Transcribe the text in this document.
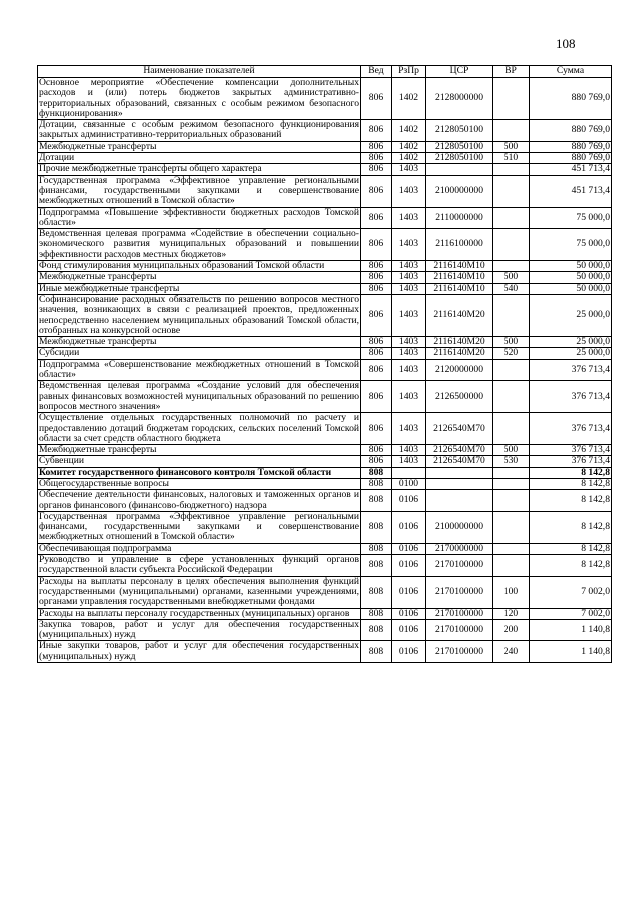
108
Наименование показателей	Вед	РзПр	ЦСР	ВР	Сумма
Основное мероприятие «Обеспечение компенсации дополнительных расходов и (или) потерь бюджетов закрытых административно-территориальных образований, связанных с особым режимом безопасного функционирования»	806	1402	2128000000		880 769,0
Дотации, связанные с особым режимом безопасного функционирования закрытых административно-территориальных образований	806	1402	2128050100		880 769,0
Межбюджетные трансферты	806	1402	2128050100	500	880 769,0
Дотации	806	1402	2128050100	510	880 769,0
Прочие межбюджетные трансферты общего характера	806	1403			451 713,4
Государственная программа «Эффективное управление региональными финансами, государственными закупками и совершенствование межбюджетных отношений в Томской области»	806	1403	2100000000		451 713,4
Подпрограмма «Повышение эффективности бюджетных расходов Томской области»	806	1403	2110000000		75 000,0
Ведомственная целевая программа «Содействие в обеспечении социально-экономического развития муниципальных образований и повышении эффективности расходов местных бюджетов»	806	1403	2116100000		75 000,0
Фонд стимулирования муниципальных образований Томской области	806	1403	2116140M10		50 000,0
Межбюджетные трансферты	806	1403	2116140M10	500	50 000,0
Иные межбюджетные трансферты	806	1403	2116140M10	540	50 000,0
Софинансирование расходных обязательств по решению вопросов местного значения, возникающих в связи с реализацией проектов, предложенных непосредственно населением муниципальных образований Томской области, отобранных на конкурсной основе	806	1403	2116140M20		25 000,0
Межбюджетные трансферты	806	1403	2116140M20	500	25 000,0
Субсидии	806	1403	2116140M20	520	25 000,0
Подпрограмма «Совершенствование межбюджетных отношений в Томской области»	806	1403	2120000000		376 713,4
Ведомственная целевая программа «Создание условий для обеспечения равных финансовых возможностей муниципальных образований по решению вопросов местного значения»	806	1403	2126500000		376 713,4
Осуществление отдельных государственных полномочий по расчету и предоставлению дотаций бюджетам городских, сельских поселений Томской области за счет средств областного бюджета	806	1403	2126540M70		376 713,4
Межбюджетные трансферты	806	1403	2126540M70	500	376 713,4
Субвенции	806	1403	2126540M70	530	376 713,4
Комитет государственного финансового контроля Томской области	808				8 142,8
Общегосударственные вопросы	808	0100			8 142,8
Обеспечение деятельности финансовых, налоговых и таможенных органов и органов финансового (финансово-бюджетного) надзора	808	0106			8 142,8
Государственная программа «Эффективное управление региональными финансами, государственными закупками и совершенствование межбюджетных отношений в Томской области»	808	0106	2100000000		8 142,8
Обеспечивающая подпрограмма	808	0106	2170000000		8 142,8
Руководство и управление в сфере установленных функций органов государственной власти субъекта Российской Федерации	808	0106	2170100000		8 142,8
Расходы на выплаты персоналу в целях обеспечения выполнения функций государственными (муниципальными) органами, казенными учреждениями, органами управления государственными внебюджетными фондами	808	0106	2170100000	100	7 002,0
Расходы на выплаты персоналу государственных (муниципальных) органов	808	0106	2170100000	120	7 002,0
Закупка товаров, работ и услуг для обеспечения государственных (муниципальных) нужд	808	0106	2170100000	200	1 140,8
Иные закупки товаров, работ и услуг для обеспечения государственных (муниципальных) нужд	808	0106	2170100000	240	1 140,8
